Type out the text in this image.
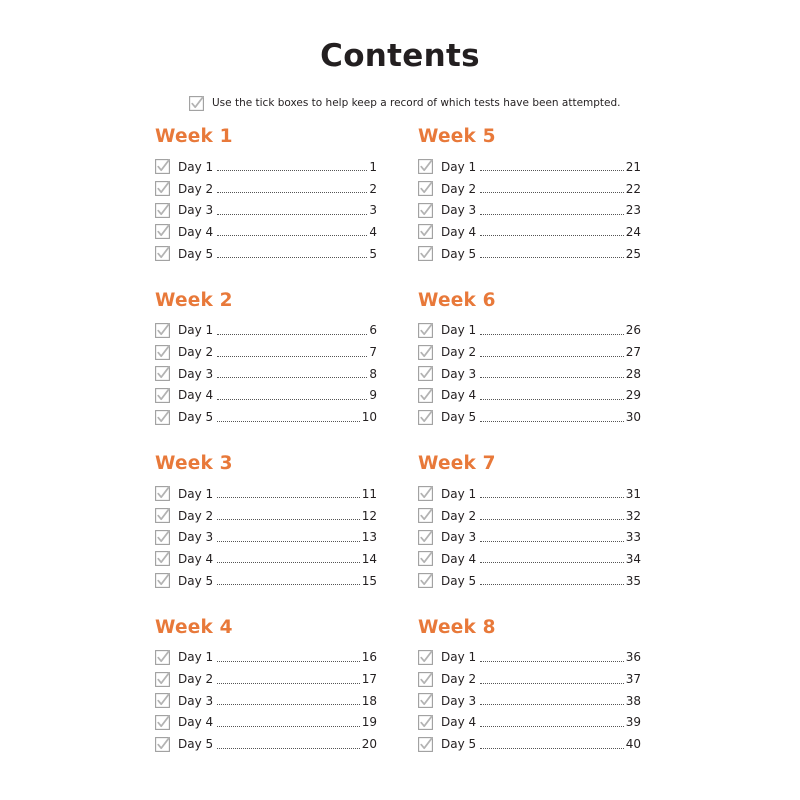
Contents
Use the tick boxes to help keep a record of which tests have been attempted.
Week 1
Day 1	1
Day 2	2
Day 3	3
Day 4	4
Day 5	5
Week 2
Day 1	6
Day 2	7
Day 3	8
Day 4	9
Day 5	10
Week 3
Day 1	11
Day 2	12
Day 3	13
Day 4	14
Day 5	15
Week 4
Day 1	16
Day 2	17
Day 3	18
Day 4	19
Day 5	20
Week 5
Day 1	21
Day 2	22
Day 3	23
Day 4	24
Day 5	25
Week 6
Day 1	26
Day 2	27
Day 3	28
Day 4	29
Day 5	30
Week 7
Day 1	31
Day 2	32
Day 3	33
Day 4	34
Day 5	35
Week 8
Day 1	36
Day 2	37
Day 3	38
Day 4	39
Day 5	40
